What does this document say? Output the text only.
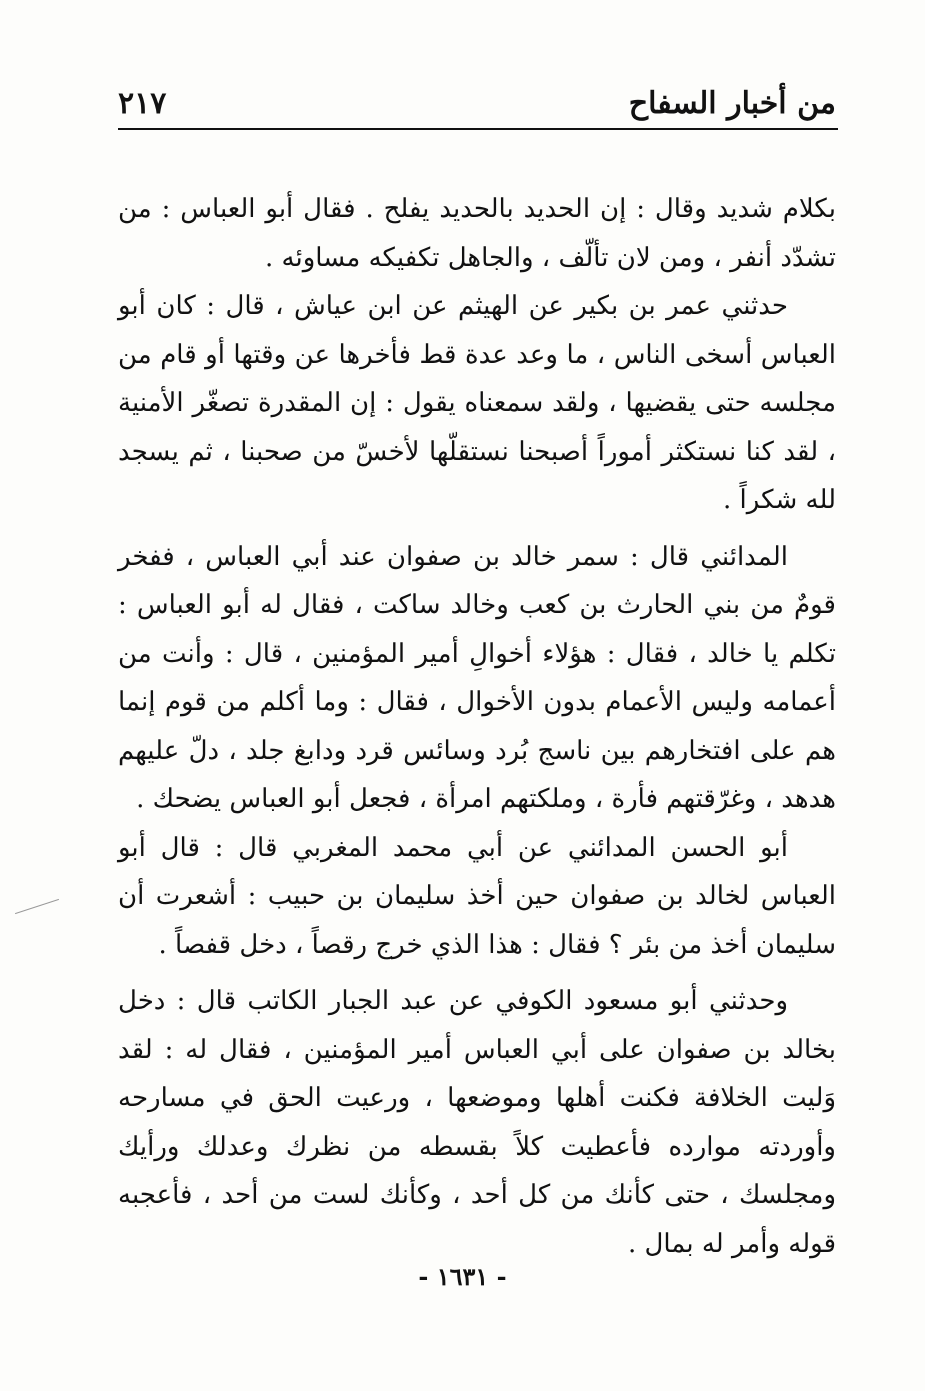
من أخبار السفاح
٢١٧

بكلام شديد وقال : إن الحديد بالحديد يفلح . فقال أبو العباس : من تشدّد أنفر ، ومن لان تألّف ، والجاهل تكفيكه مساوئه .

حدثني عمر بن بكير عن الهيثم عن ابن عياش ، قال : كان أبو العباس أسخى الناس ، ما وعد عدة قط فأخرها عن وقتها أو قام من مجلسه حتى يقضيها ، ولقد سمعناه يقول : إن المقدرة تصغّر الأمنية ، لقد كنا نستكثر أموراً أصبحنا نستقلّها لأخسّ من صحبنا ، ثم يسجد لله شكراً .

المدائني قال : سمر خالد بن صفوان عند أبي العباس ، ففخر قومٌ من بني الحارث بن كعب وخالد ساكت ، فقال له أبو العباس : تكلم يا خالد ، فقال : هؤلاء أخوالِ أمير المؤمنين ، قال : وأنت من أعمامه وليس الأعمام بدون الأخوال ، فقال : وما أكلم من قوم إنما هم على افتخارهم بين ناسج بُرد وسائس قرد ودابغ جلد ، دلّ عليهم هدهد ، وغرّقتهم فأرة ، وملكتهم امرأة ، فجعل أبو العباس يضحك .

أبو الحسن المدائني عن أبي محمد المغربي قال : قال أبو العباس لخالد بن صفوان حين أخذ سليمان بن حبيب : أشعرت أن سليمان أخذ من بئر ؟ فقال : هذا الذي خرج رقصاً ، دخل قفصاً .

وحدثني أبو مسعود الكوفي عن عبد الجبار الكاتب قال : دخل بخالد بن صفوان على أبي العباس أمير المؤمنين ، فقال له : لقد وَليت الخلافة فكنت أهلها وموضعها ، ورعيت الحق في مسارحه وأوردته موارده فأعطيت كلاً بقسطه من نظرك وعدلك ورأيك ومجلسك ، حتى كأنك من كل أحد ، وكأنك لست من أحد ، فأعجبه قوله وأمر له بمال .

- ١٦٣١ -
